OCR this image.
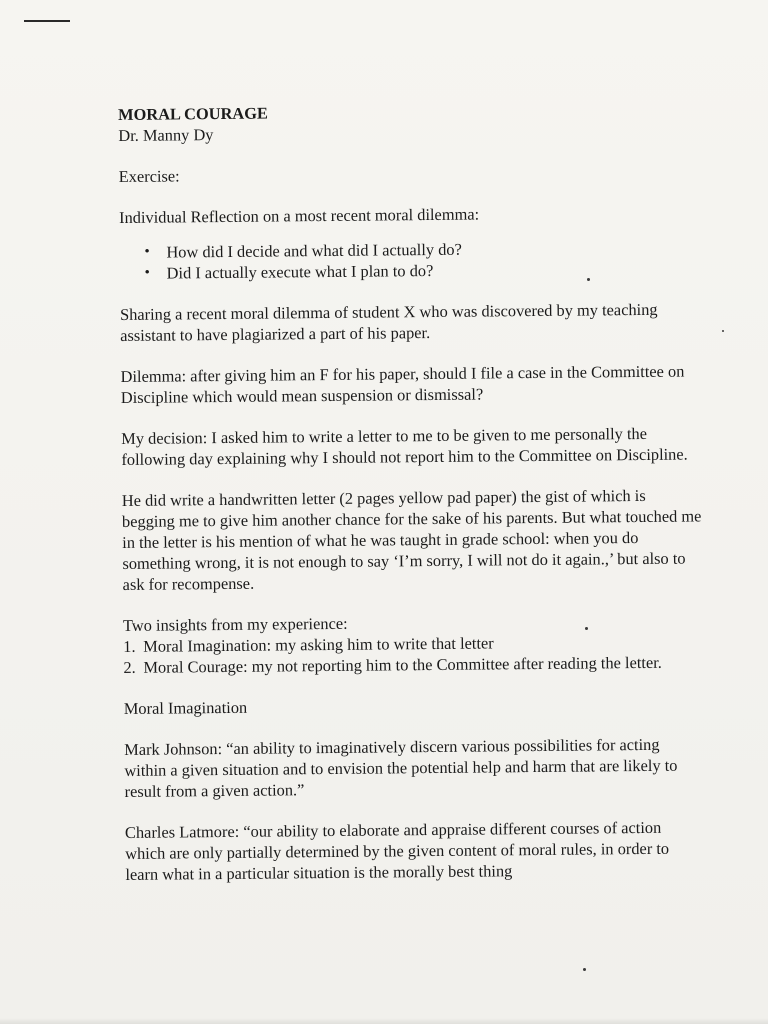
MORAL COURAGE
Dr. Manny Dy

Exercise:

Individual Reflection on a most recent moral dilemma:

• How did I decide and what did I actually do?
• Did I actually execute what I plan to do?

Sharing a recent moral dilemma of student X who was discovered by my teaching assistant to have plagiarized a part of his paper.

Dilemma: after giving him an F for his paper, should I file a case in the Committee on Discipline which would mean suspension or dismissal?

My decision: I asked him to write a letter to me to be given to me personally the following day explaining why I should not report him to the Committee on Discipline.

He did write a handwritten letter (2 pages yellow pad paper) the gist of which is begging me to give him another chance for the sake of his parents. But what touched me in the letter is his mention of what he was taught in grade school: when you do something wrong, it is not enough to say ‘I’m sorry, I will not do it again.,’ but also to ask for recompense.

Two insights from my experience:
1. Moral Imagination: my asking him to write that letter
2. Moral Courage: my not reporting him to the Committee after reading the letter.

Moral Imagination

Mark Johnson: “an ability to imaginatively discern various possibilities for acting within a given situation and to envision the potential help and harm that are likely to result from a given action.”

Charles Latmore: “our ability to elaborate and appraise different courses of action which are only partially determined by the given content of moral rules, in order to learn what in a particular situation is the morally best thing
